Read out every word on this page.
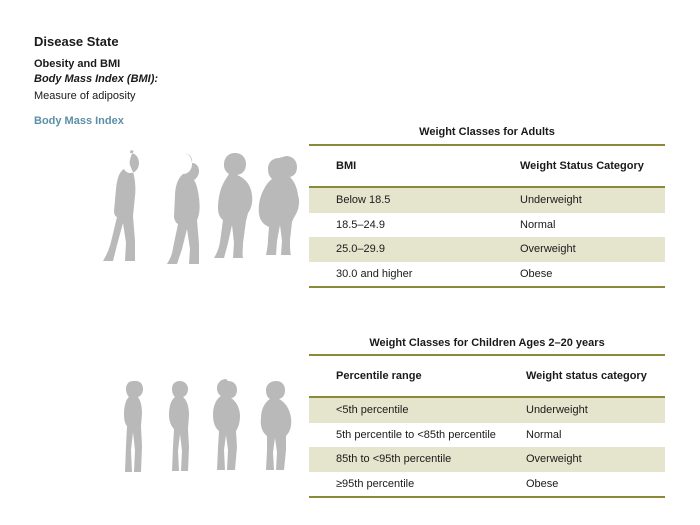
Disease State
Obesity and BMI
Body Mass Index (BMI):
Measure of adiposity
Body Mass Index
Weight Classes for Adults
BMI	Weight Status Category
Below 18.5	Underweight
18.5–24.9	Normal
25.0–29.9	Overweight
30.0 and higher	Obese
Weight Classes for Children Ages 2–20 years
Percentile range	Weight status category
<5th percentile	Underweight
5th percentile to <85th percentile	Normal
85th to <95th percentile	Overweight
≥95th percentile	Obese
